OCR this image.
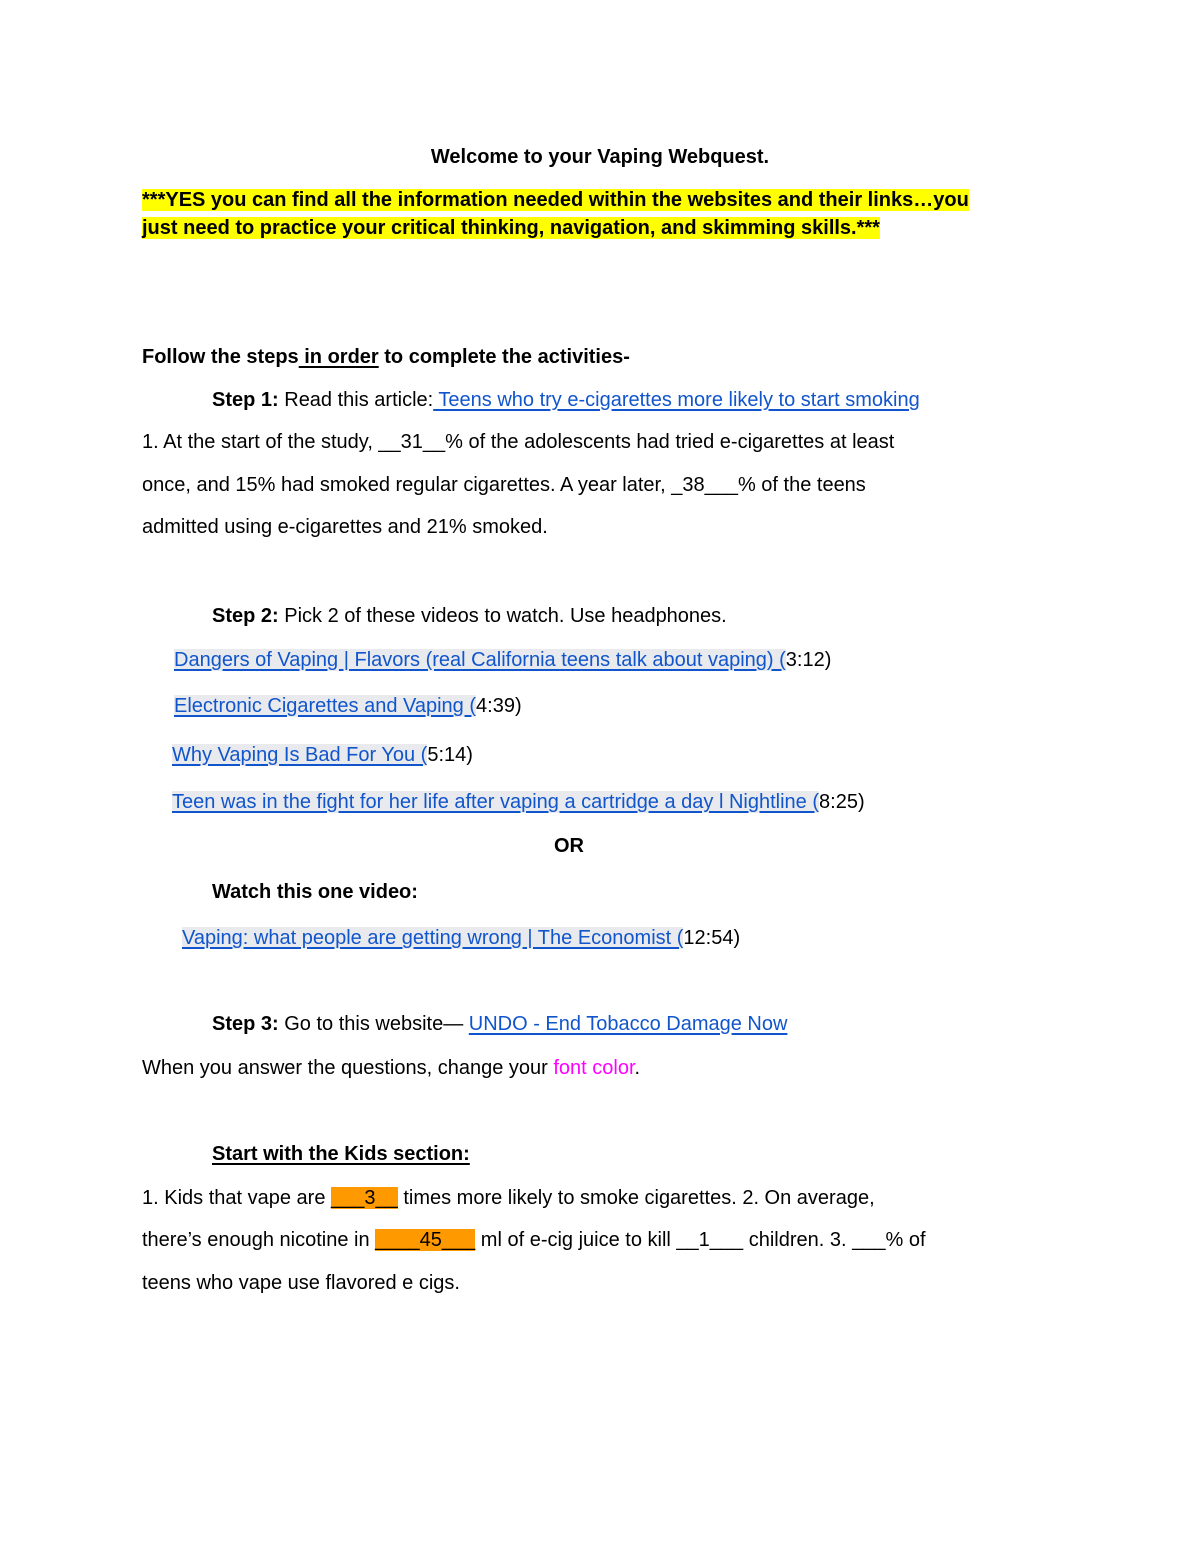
Welcome to your Vaping Webquest.
***YES you can find all the information needed within the websites and their links…you
just need to practice your critical thinking, navigation, and skimming skills.***
Follow the steps in order to complete the activities-
Step 1: Read this article: Teens who try e-cigarettes more likely to start smoking
1. At the start of the study, __31__% of the adolescents had tried e-cigarettes at least
once, and 15% had smoked regular cigarettes. A year later, _38___% of the teens
admitted using e-cigarettes and 21% smoked.
Step 2: Pick 2 of these videos to watch. Use headphones.
Dangers of Vaping | Flavors (real California teens talk about vaping) (3:12)
Electronic Cigarettes and Vaping (4:39)
Why Vaping Is Bad For You (5:14)
Teen was in the fight for her life after vaping a cartridge a day l Nightline (8:25)
OR
Watch this one video:
Vaping: what people are getting wrong | The Economist (12:54)
Step 3: Go to this website— UNDO - End Tobacco Damage Now
When you answer the questions, change your font color.
Start with the Kids section:
1. Kids that vape are ___3__ times more likely to smoke cigarettes. 2. On average,
there’s enough nicotine in ____45___ ml of e-cig juice to kill __1___ children. 3. ___% of
teens who vape use flavored e cigs.
